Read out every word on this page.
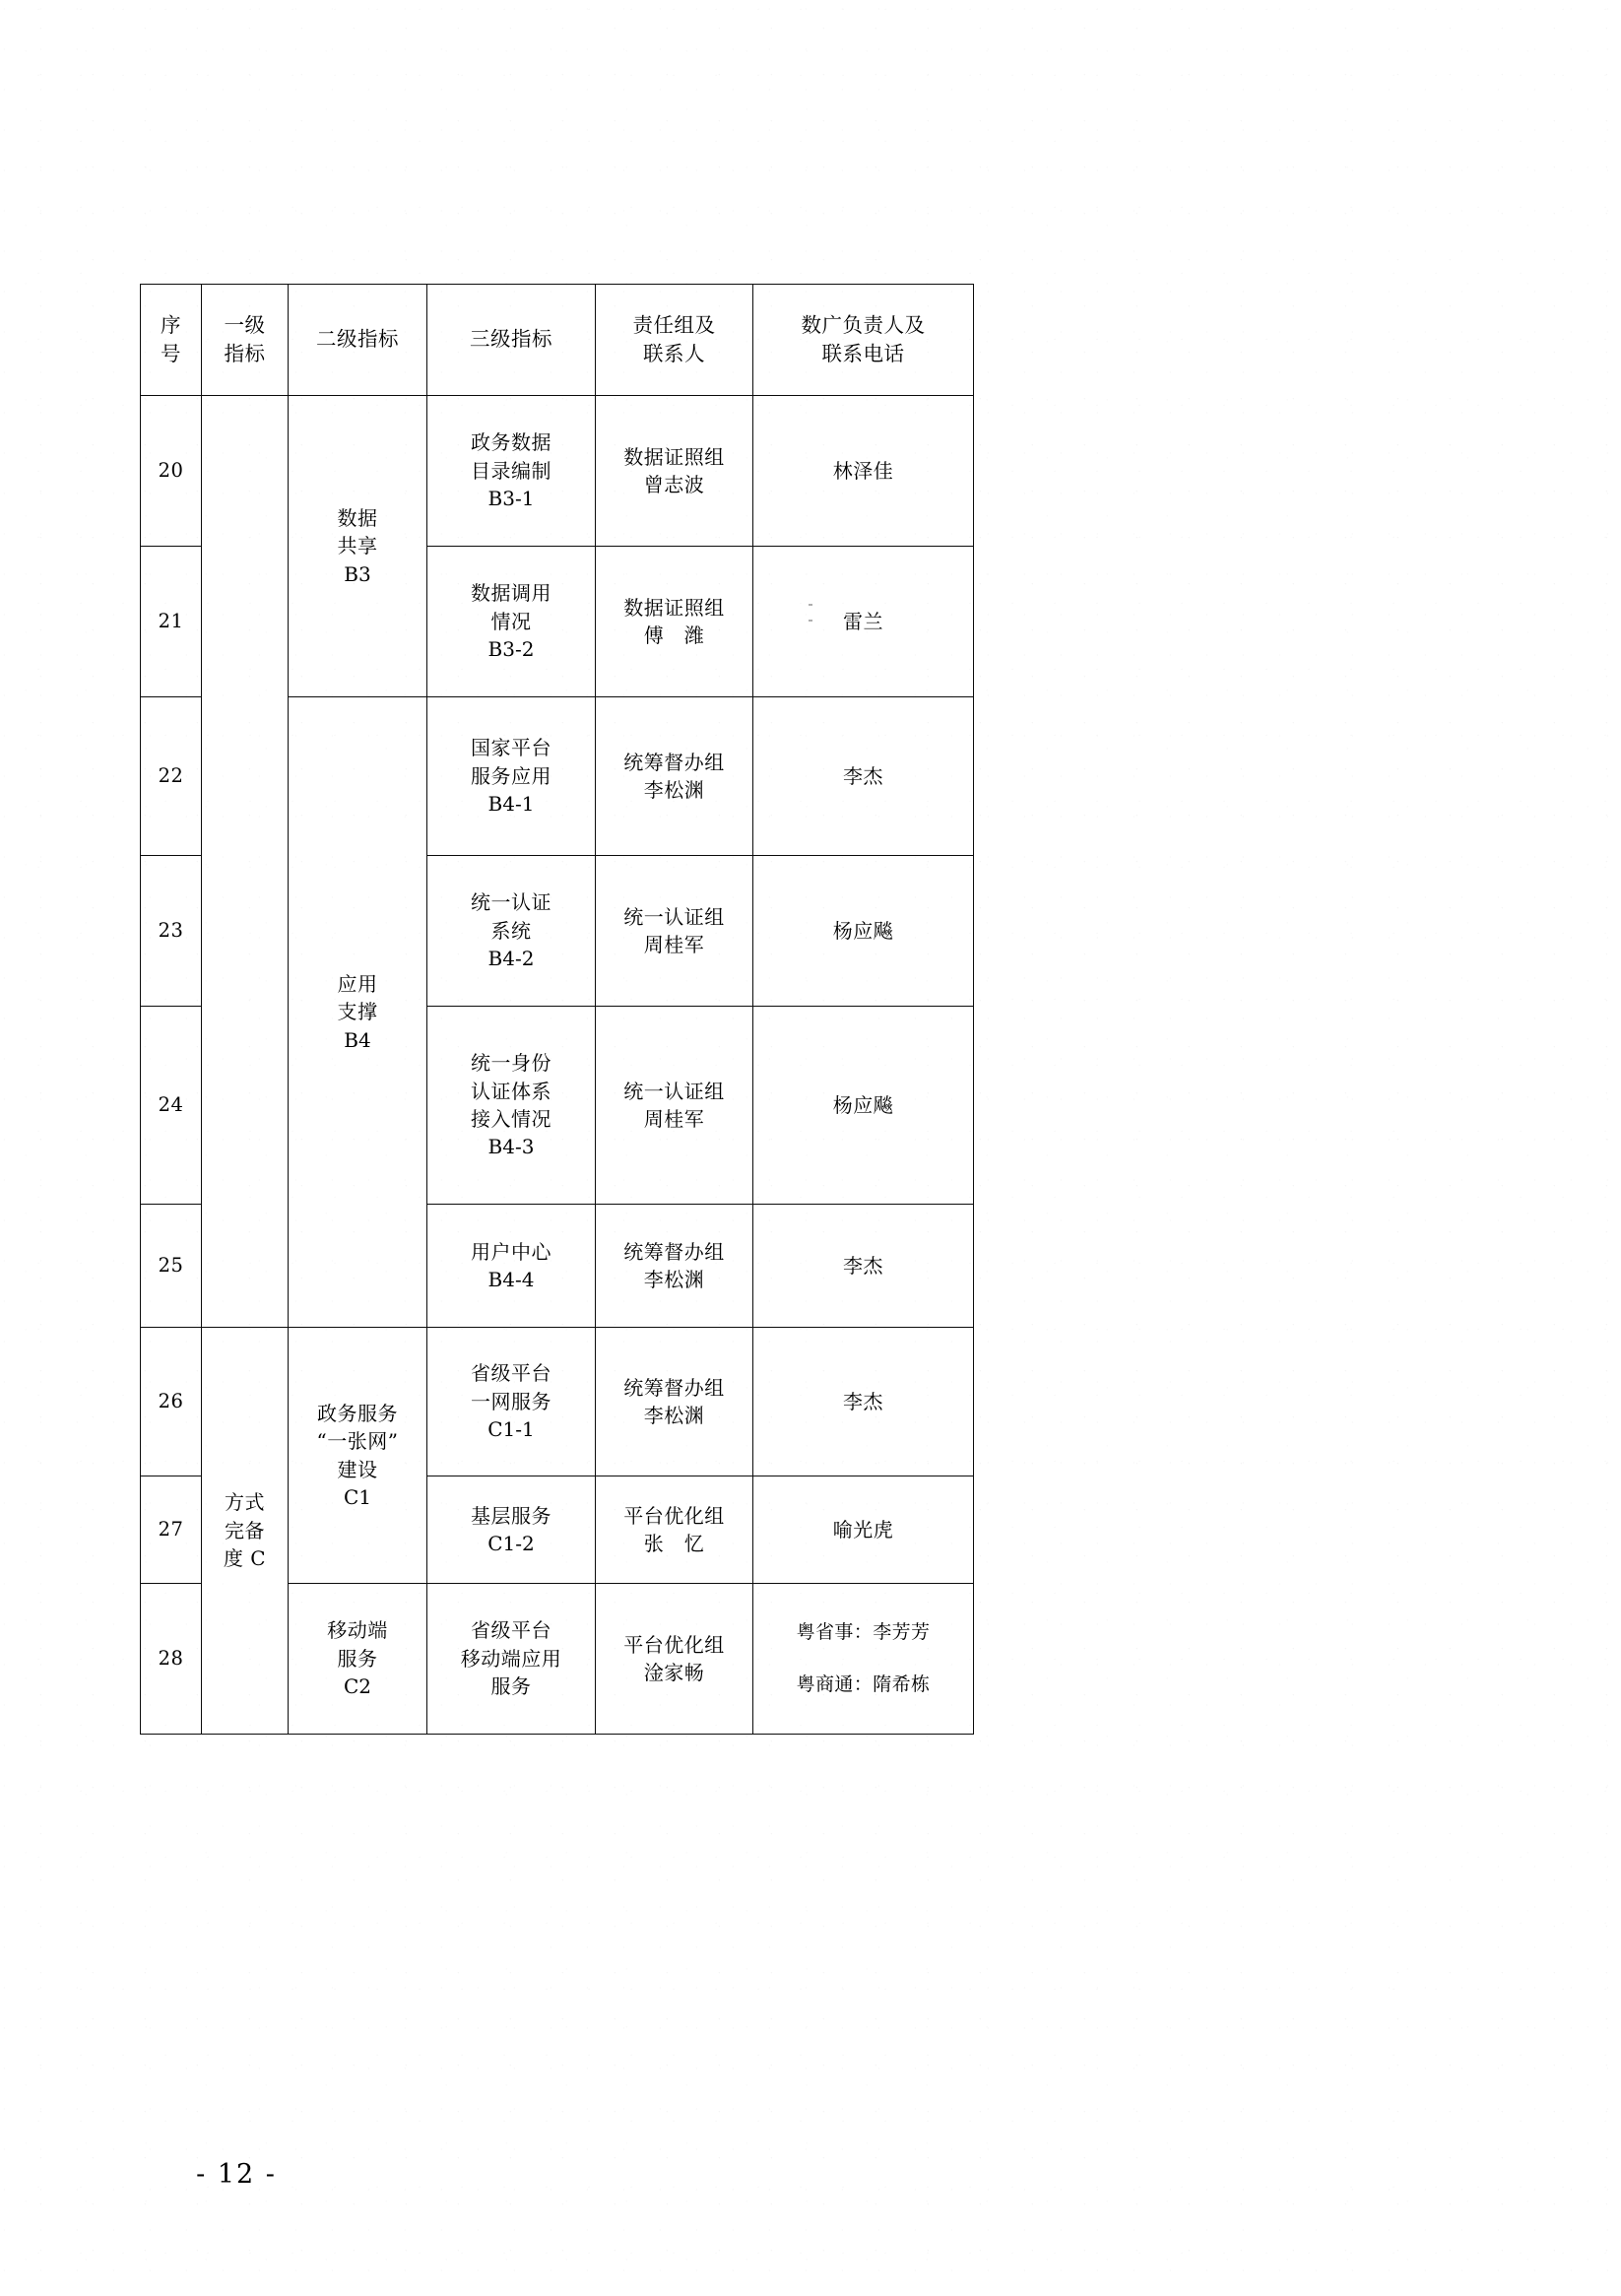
序
号	一级
指标	二级指标	三级指标	责任组及
联系人	数广负责人及
联系电话

20		数据
共享
B3	政务数据
目录编制
B3-1	数据证照组
曾志波	林泽佳

21			数据调用
情况
B3-2	数据证照组
傅　潍	雷兰

22		应用
支撑
B4	国家平台
服务应用
B4-1	统筹督办组
李松渊	李杰

23			统一认证
系统
B4-2	统一认证组
周桂军	杨应飚

24			统一身份
认证体系
接入情况
B4-3	统一认证组
周桂军	杨应飚

25			用户中心
B4-4	统筹督办组
李松渊	李杰

26	方式
完备
度 C	政务服务
“一张网”
建设
C1	省级平台
一网服务
C1-1	统筹督办组
李松渊	李杰

27			基层服务
C1-2	平台优化组
张　忆	喻光虎

28		移动端
服务
C2	省级平台
移动端应用
服务	平台优化组
淦家畅	粤省事：李芳芳
粤商通：隋希栋
- 12 -
